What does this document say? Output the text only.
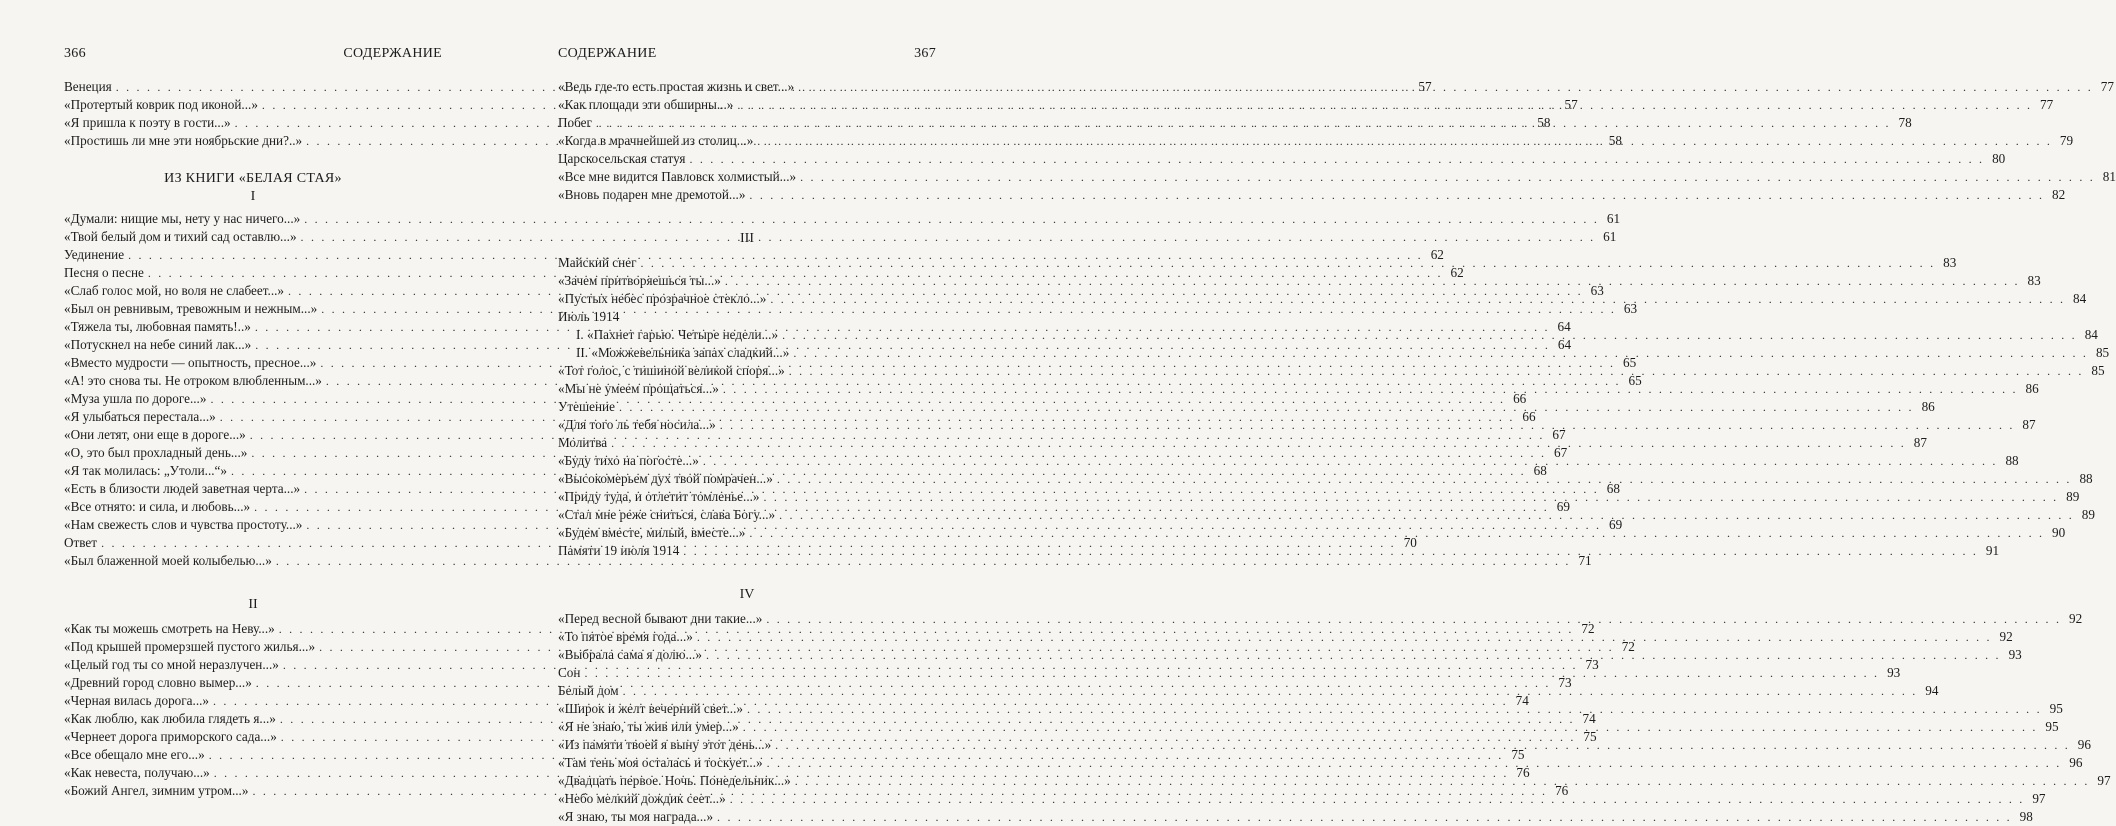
366	СОДЕРЖАНИЕ
Венеция . . .	57
«Протертый коврик под иконой...» . . .	57
«Я пришла к поэту в гости...» . . .	58
«Простишь ли мне эти ноябрьские дни?..» . . .	58
ИЗ КНИГИ «БЕЛАЯ СТАЯ»
I
«Думали: нищие мы, нету у нас ничего...» . . .	61
«Твой белый дом и тихий сад оставлю...» . . .	61
Уединение . . .	62
Песня о песне . . .	62
«Слаб голос мой, но воля не слабеет...» . . .	63
«Был он ревнивым, тревожным и нежным...» . . .	63
«Тяжела ты, любовная память!..» . . .	64
«Потускнел на небе синий лак...» . . .	64
«Вместо мудрости — опытность, пресное...» . . .	65
«А! это снова ты. Не отроком влюбленным...» . . .	65
«Муза ушла по дороге...» . . .	66
«Я улыбаться перестала...» . . .	66
«Они летят, они еще в дороге...» . . .	67
«О, это был прохладный день...» . . .	67
«Я так молилась: „Утоли...“» . . .	68
«Есть в близости людей заветная черта...» . . .	68
«Все отнято: и сила, и любовь...» . . .	69
«Нам свежесть слов и чувства простоту...» . . .	69
Ответ . . .	70
«Был блаженной моей колыбелью...» . . .	71
II
«Как ты можешь смотреть на Неву...» . . .	72
«Под крышей промерзшей пустого жилья...» . . .	72
«Целый год ты со мной неразлучен...» . . .	73
«Древний город словно вымер...» . . .	73
«Черная вилась дорога...» . . .	74
«Как люблю, как любила глядеть я...» . . .	74
«Чернеет дорога приморского сада...» . . .	75
«Все обещало мне его...» . . .	75
«Как невеста, получаю...» . . .	76
«Божий Ангел, зимним утром...» . . .	76
СОДЕРЖАНИЕ	367
«Ведь где-то есть простая жизнь и свет...» . . .	77
«Как площади эти обширны...» . . .	77
Побег . . .	78
«Когда в мрачнейшей из столиц...» . . .	79
Царскосельская статуя . . .	80
«Все мне видится Павловск холмистый...» . . .	81
«Вновь подарен мне дремотой...» . . .	82
III
Майский снег . . .	83
«Зачем притворяешься ты...» . . .	83
«Пустых небес прозрачное стекло...» . . .	84
Июль 1914
I. «Пахнет гарью. Четыре недели...» . . .	84
II. «Можжевельника запах сладкий...» . . .	85
«Тот голос, с тишиной великой споря...» . . .	85
«Мы не умеем прощаться...» . . .	86
Утешение . . .	86
«Для того ль тебя носила...» . . .	87
Молитва . . .	87
«Буду тихо на погосте...» . . .	88
«Высокомерьем дух твой помрачен...» . . .	88
«Приду туда, и отлетит томленье...» . . .	89
«Стал мне реже сниться, слава Богу...» . . .	89
«Будем вместе, милый, вместе...» . . .	90
Памяти 19 июля 1914 . . .	91
IV
«Перед весной бывают дни такие...» . . .	92
«То пятое время года...» . . .	92
«Выбрала сама я долю...» . . .	93
Сон . . .	93
Белый дом . . .	94
«Широк и желт вечерний свет...» . . .	95
«Я не знаю, ты жив или умер...» . . .	95
«Из памяти твоей я выну этот день...» . . .	96
«Там тень моя осталась и тоскует...» . . .	96
«Двадцать первое. Ночь. Понедельник...» . . .	97
«Небо мелкий дождик сеет...» . . .	97
«Я знаю, ты моя награда...» . . .	98
